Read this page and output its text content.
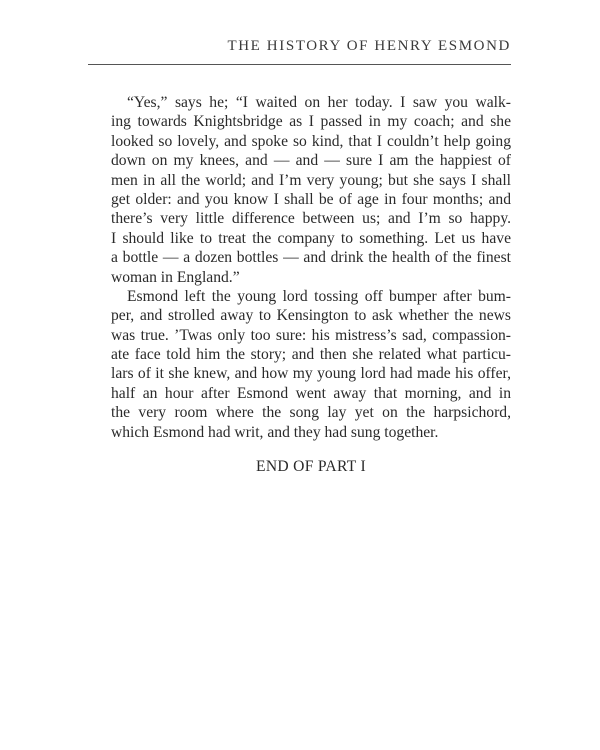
THE HISTORY OF HENRY ESMOND
“Yes,” says he; “I waited on her today. I saw you walk-
ing towards Knightsbridge as I passed in my coach; and she
looked so lovely, and spoke so kind, that I couldn’t help going
down on my knees, and — and — sure I am the happiest of
men in all the world; and I’m very young; but she says I shall
get older: and you know I shall be of age in four months; and
there’s very little difference between us; and I’m so happy.
I should like to treat the company to something. Let us have
a bottle — a dozen bottles — and drink the health of the finest
woman in England.”
Esmond left the young lord tossing off bumper after bum-
per, and strolled away to Kensington to ask whether the news
was true. ’Twas only too sure: his mistress’s sad, compassion-
ate face told him the story; and then she related what particu-
lars of it she knew, and how my young lord had made his offer,
half an hour after Esmond went away that morning, and in
the very room where the song lay yet on the harpsichord,
which Esmond had writ, and they had sung together.
END OF PART I
